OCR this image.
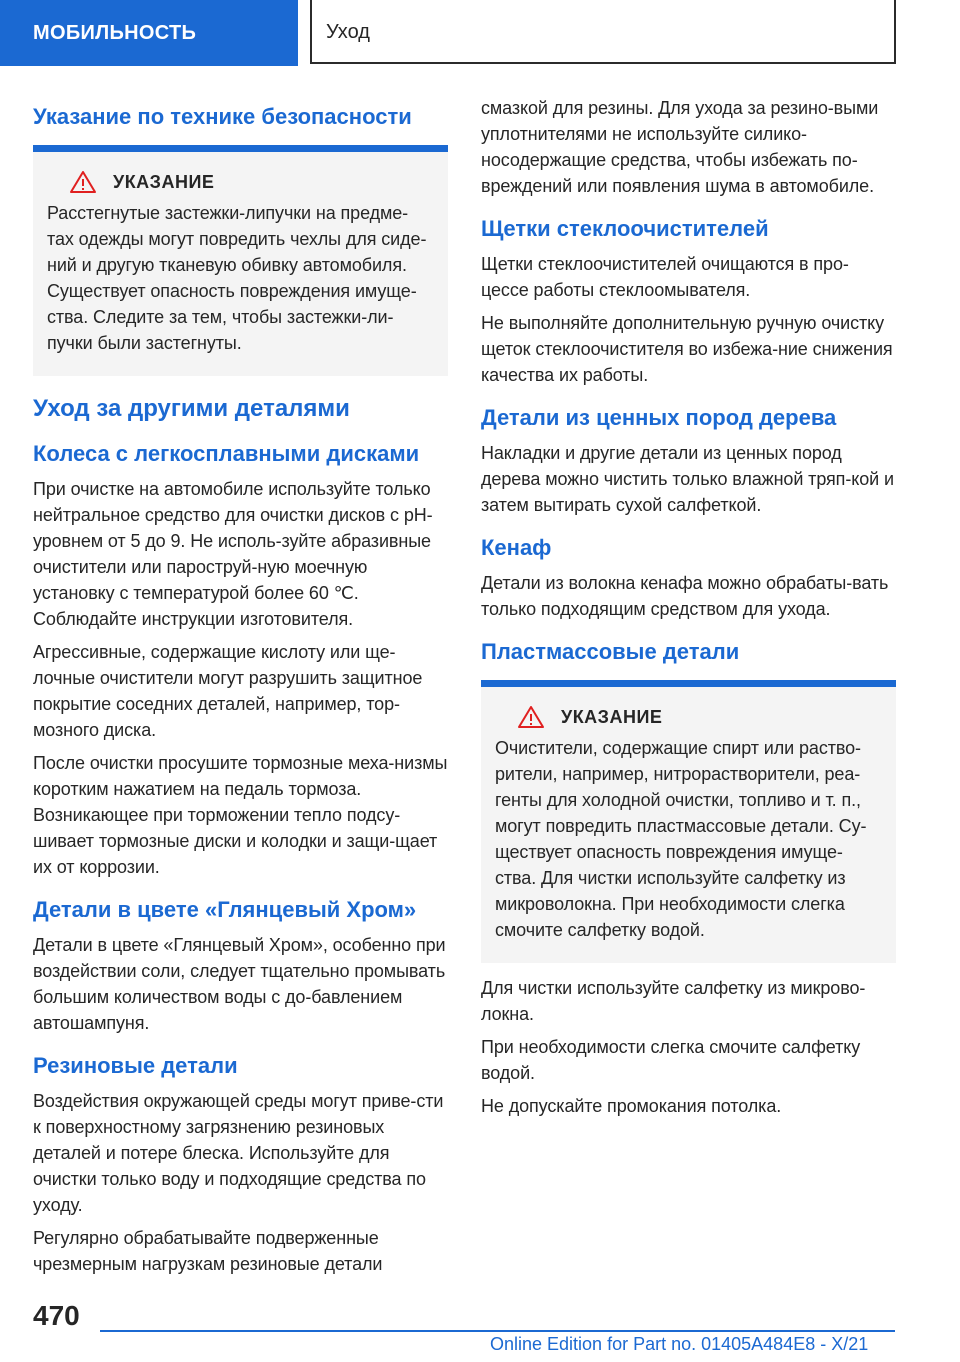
МОБИЛЬНОСТЬ	Уход
Указание по технике безопасности
УКАЗАНИЕ

Расстегнутые застежки-липучки на предме-тах одежды могут повредить чехлы для сиде-ний и другую тканевую обивку автомобиля. Существует опасность повреждения имуще-ства. Следите за тем, чтобы застежки-ли-пучки были застегнуты.

Уход за другими деталями
Колеса с легкосплавными дисками

При очистке на автомобиле используйте только нейтральное средство для очистки дисков с pH-уровнем от 5 до 9. Не исполь-зуйте абразивные очистители или пароструй-ную моечную установку с температурой более 60 ℃. Соблюдайте инструкции изготовителя.

Агрессивные, содержащие кислоту или ще-лочные очистители могут разрушить защитное покрытие соседних деталей, например, тор-мозного диска.

После очистки просушите тормозные меха-низмы коротким нажатием на педаль тормоза. Возникающее при торможении тепло подсу-шивает тормозные диски и колодки и защи-щает их от коррозии.

Детали в цвете «Глянцевый Хром»

Детали в цвете «Глянцевый Хром», особенно при воздействии соли, следует тщательно промывать большим количеством воды с до-бавлением автошампуня.

Резиновые детали

Воздействия окружающей среды могут приве-сти к поверхностному загрязнению резиновых деталей и потере блеска. Используйте для очистки только воду и подходящие средства по уходу.

Регулярно обрабатывайте подверженные чрезмерным нагрузкам резиновые детали

смазкой для резины. Для ухода за резино-выми уплотнителями не используйте силико-носодержащие средства, чтобы избежать по-вреждений или появления шума в автомобиле.

Щетки стеклоочистителей

Щетки стеклоочистителей очищаются в про-цессе работы стеклоомывателя.

Не выполняйте дополнительную ручную очистку щеток стеклоочистителя во избежа-ние снижения качества их работы.

Детали из ценных пород дерева

Накладки и другие детали из ценных пород дерева можно чистить только влажной тряп-кой и затем вытирать сухой салфеткой.

Кенаф

Детали из волокна кенафа можно обрабаты-вать только подходящим средством для ухода.

Пластмассовые детали
УКАЗАНИЕ

Очистители, содержащие спирт или раство-рители, например, нитрорастворители, реа-генты для холодной очистки, топливо и т. п., могут повредить пластмассовые детали. Су-ществует опасность повреждения имуще-ства. Для чистки используйте салфетку из микроволокна. При необходимости слегка смочите салфетку водой.

Для чистки используйте салфетку из микрово-локна.

При необходимости слегка смочите салфетку водой.

Не допускайте промокания потолка.

470
Online Edition for Part no. 01405A484E8 - X/21
